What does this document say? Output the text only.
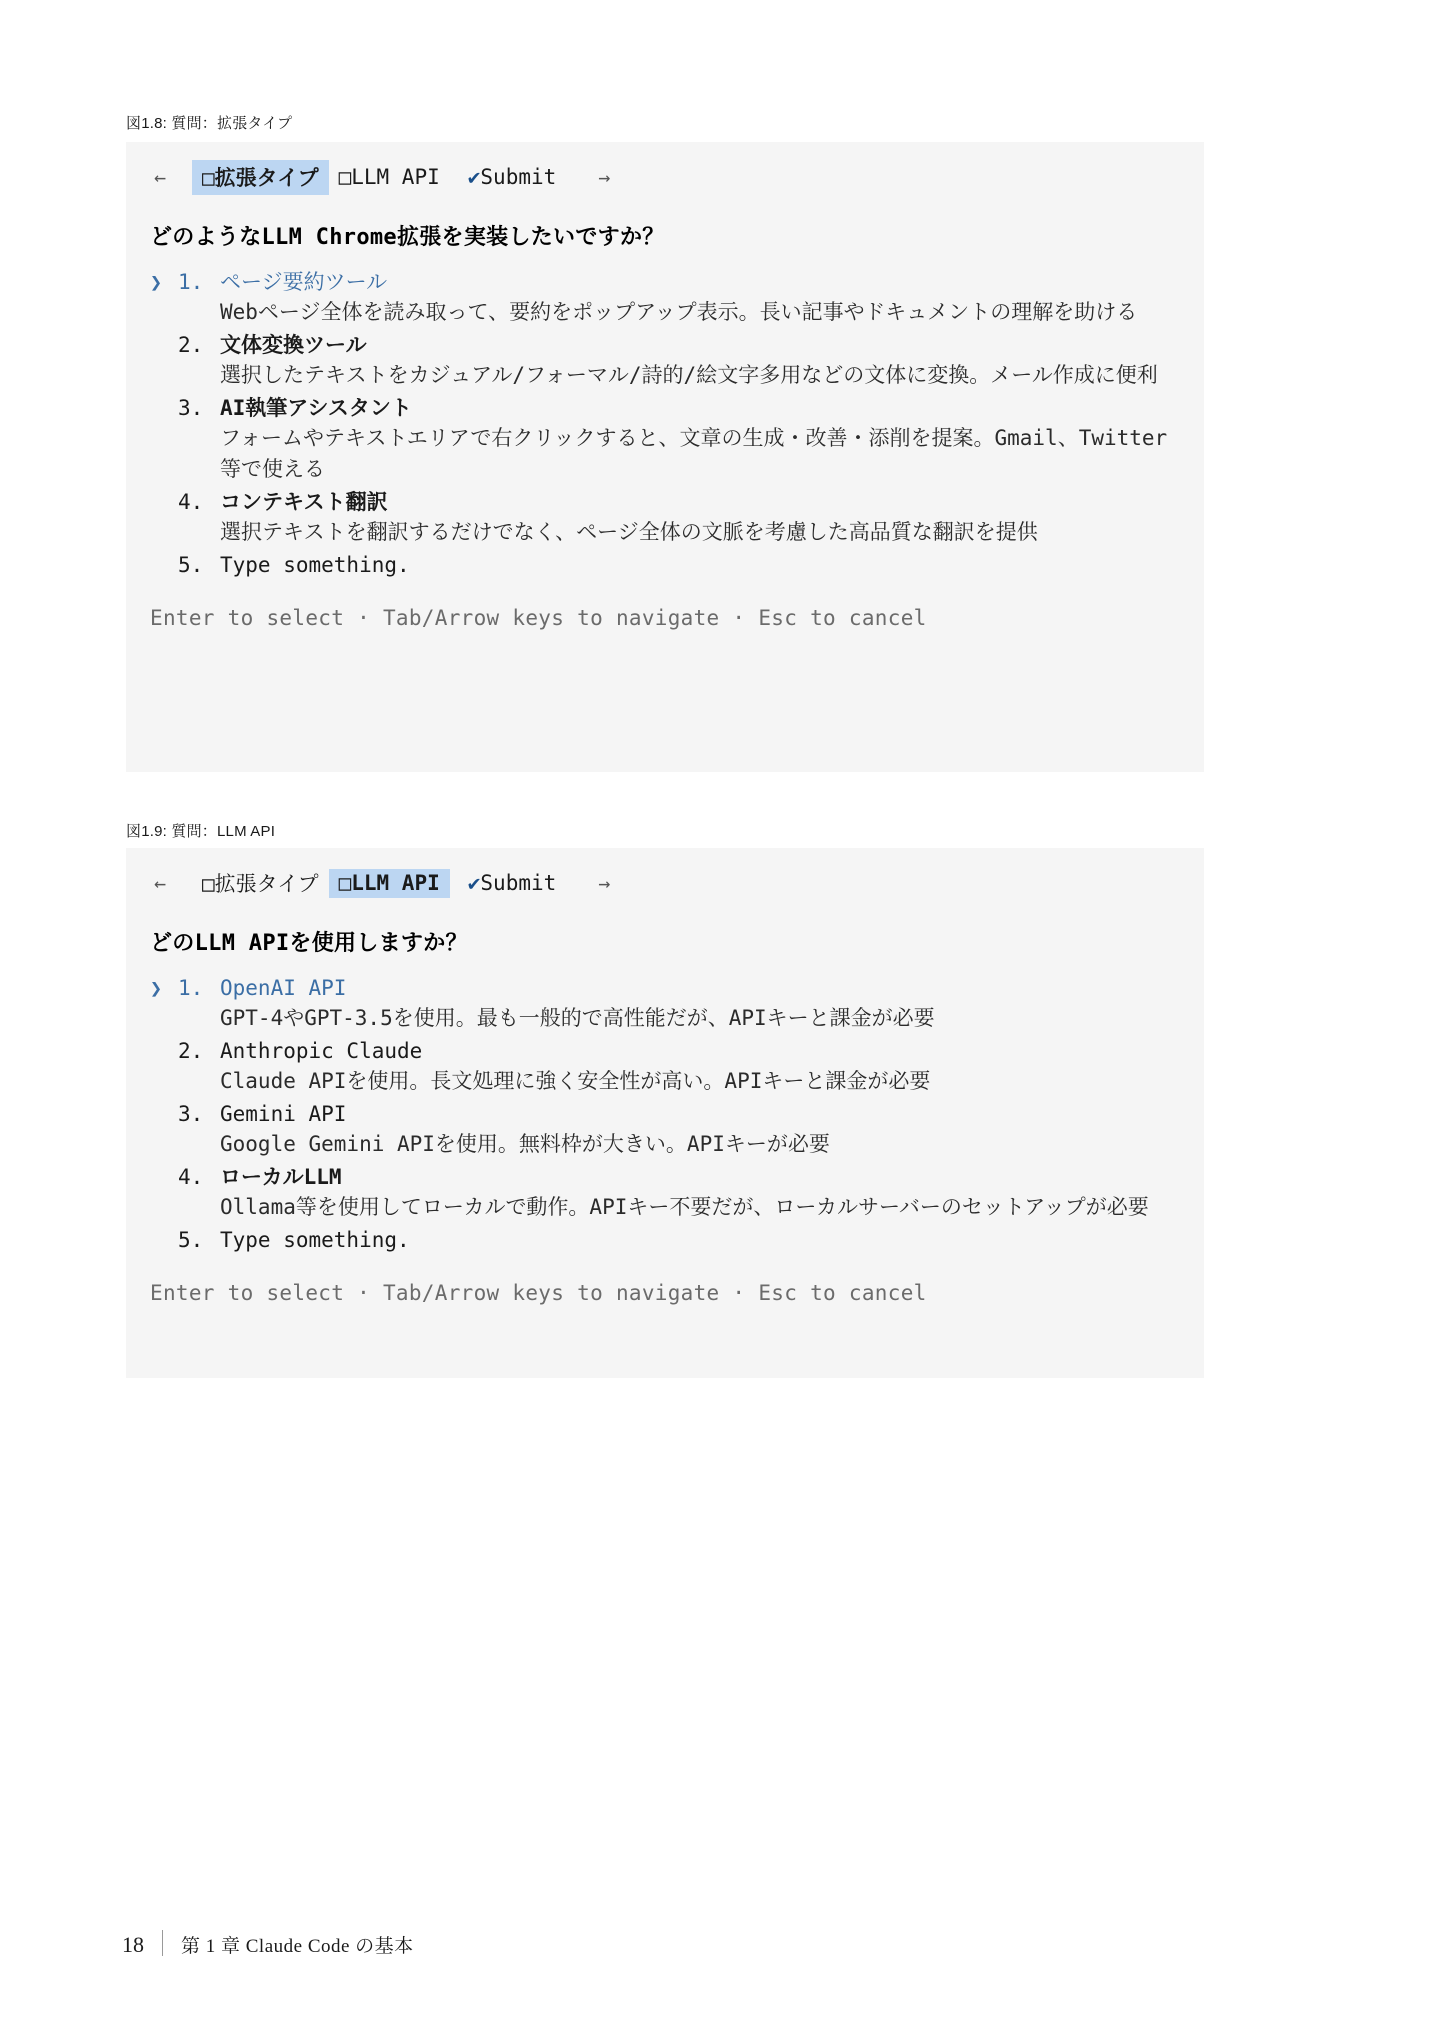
図1.8: 質問：拡張タイプ
←	□拡張タイプ □LLM API	✔Submit	→
どのようなLLM Chrome拡張を実装したいですか？
❯ 1. ページ要約ツール
Webページ全体を読み取って、要約をポップアップ表示。長い記事やドキュメントの理解を助ける
2. 文体変換ツール
選択したテキストをカジュアル/フォーマル/詩的/絵文字多用などの文体に変換。メール作成に便利
3. AI執筆アシスタント
フォームやテキストエリアで右クリックすると、文章の生成・改善・添削を提案。Gmail、Twitter等で使える
4. コンテキスト翻訳
選択テキストを翻訳するだけでなく、ページ全体の文脈を考慮した高品質な翻訳を提供
5. Type something.
Enter to select · Tab/Arrow keys to navigate · Esc to cancel
図1.9: 質問：LLM API
←	□拡張タイプ □LLM API	✔Submit	→
どのLLM APIを使用しますか？
❯ 1. OpenAI API
GPT-4やGPT-3.5を使用。最も一般的で高性能だが、APIキーと課金が必要
2. Anthropic Claude
Claude APIを使用。長文処理に強く安全性が高い。APIキーと課金が必要
3. Gemini API
Google Gemini APIを使用。無料枠が大きい。APIキーが必要
4. ローカルLLM
Ollama等を使用してローカルで動作。APIキー不要だが、ローカルサーバーのセットアップが必要
5. Type something.
Enter to select · Tab/Arrow keys to navigate · Esc to cancel
18 第 1 章 Claude Code の基本
